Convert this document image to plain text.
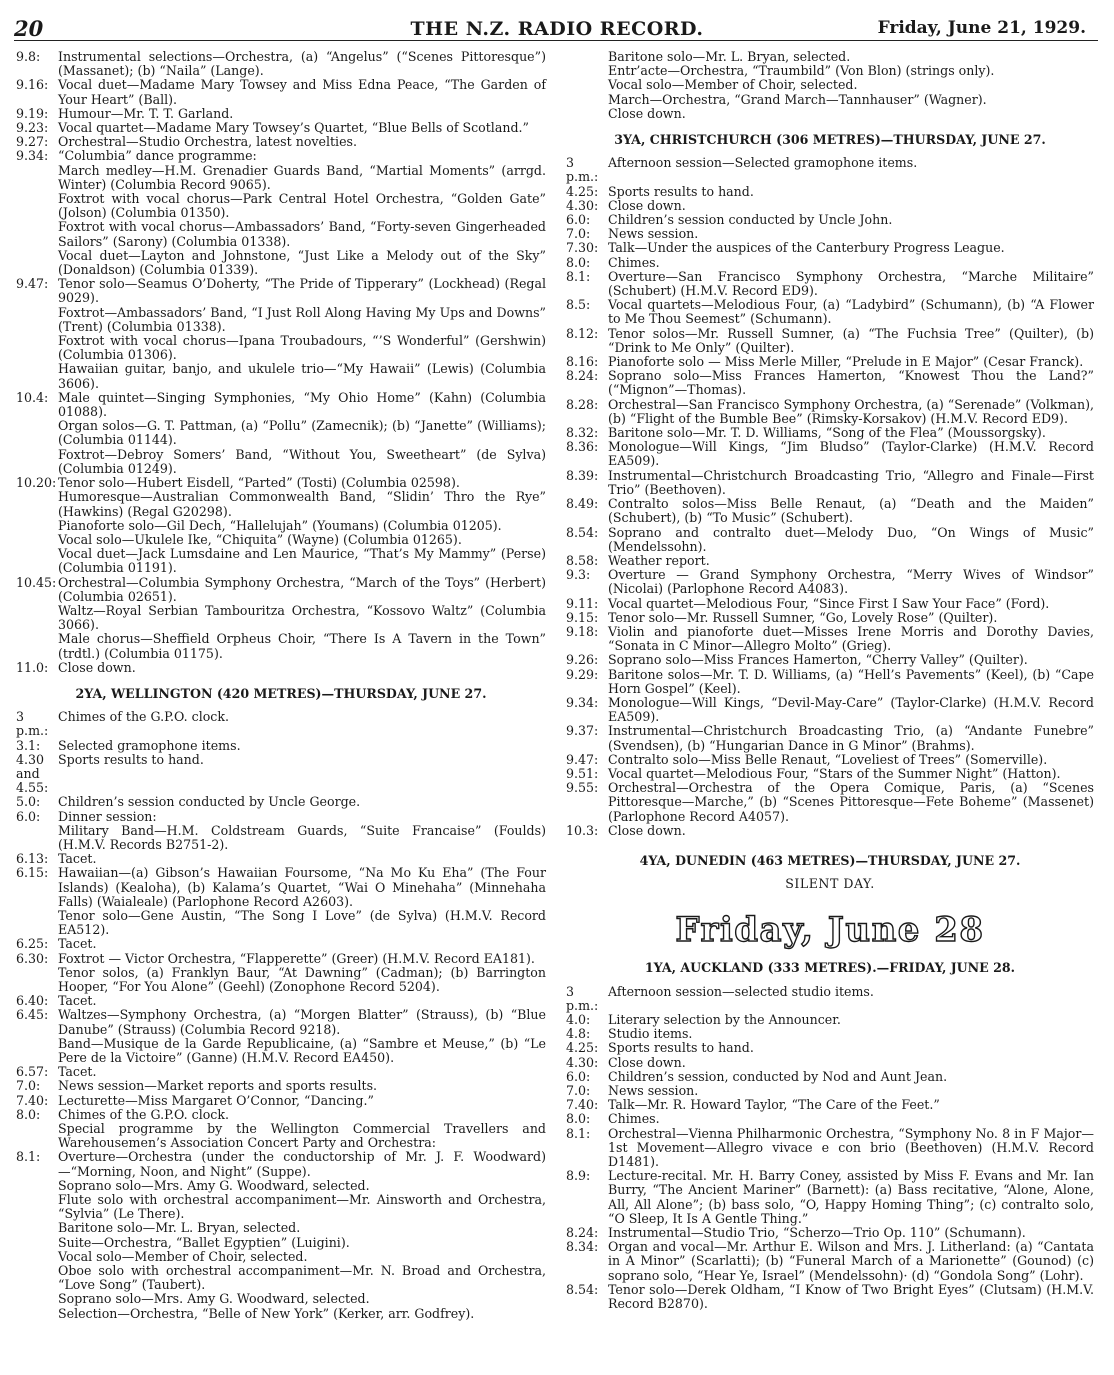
20	THE N.Z. RADIO RECORD.	Friday, June 21, 1929.
9.8:	Instrumental selections—Orchestra, (a) “Angelus” (“Scenes Pittoresque”) (Massanet); (b) “Naila” (Lange).
9.16: Vocal duet—Madame Mary Towsey and Miss Edna Peace, “The Garden of Your Heart” (Ball).
9.19: Humour—Mr. T. T. Garland.
9.23: Vocal quartet—Madame Mary Towsey’s Quartet, “Blue Bells of Scotland.”
9.27: Orchestral—Studio Orchestra, latest novelties.
9.34: “Columbia” dance programme:
March medley—H.M. Grenadier Guards Band, “Martial Moments” (arrgd. Winter) (Columbia Record 9065).
Foxtrot with vocal chorus—Park Central Hotel Orchestra, “Golden Gate” (Jolson) (Columbia 01350).
Foxtrot with vocal chorus—Ambassadors’ Band, “Forty-seven Gingerheaded Sailors” (Sarony) (Columbia 01338).
Vocal duet—Layton and Johnstone, “Just Like a Melody out of the Sky” (Donaldson) (Columbia 01339).
9.47: Tenor solo—Seamus O’Doherty, “The Pride of Tipperary” (Lockhead) (Regal 9029).
Foxtrot—Ambassadors’ Band, “I Just Roll Along Having My Ups and Downs” (Trent) (Columbia 01338).
Foxtrot with vocal chorus—Ipana Troubadours, “’S Wonderful” (Gershwin) (Columbia 01306).
Hawaiian guitar, banjo, and ukulele trio—“My Hawaii” (Lewis) (Columbia 3606).
10.4: Male quintet—Singing Symphonies, “My Ohio Home” (Kahn) (Columbia 01088).
Organ solos—G. T. Pattman, (a) “Pollu” (Zamecnik); (b) “Janette” (Williams); (Columbia 01144).
Foxtrot—Debroy Somers’ Band, “Without You, Sweetheart” (de Sylva) (Columbia 01249).
10.20: Tenor solo—Hubert Eisdell, “Parted” (Tosti) (Columbia 02598).
Humoresque—Australian Commonwealth Band, “Slidin’ Thro the Rye” (Hawkins) (Regal G20298).
Pianoforte solo—Gil Dech, “Hallelujah” (Youmans) (Columbia 01205).
Vocal solo—Ukulele Ike, “Chiquita” (Wayne) (Columbia 01265).
Vocal duet—Jack Lumsdaine and Len Maurice, “That’s My Mammy” (Perse) (Columbia 01191).
10.45: Orchestral—Columbia Symphony Orchestra, “March of the Toys” (Herbert) (Columbia 02651).
Waltz—Royal Serbian Tambouritza Orchestra, “Kossovo Waltz” (Columbia 3066).
Male chorus—Sheffield Orpheus Choir, “There Is A Tavern in the Town” (trdtl.) (Columbia 01175).
11.0: Close down.
2YA, WELLINGTON (420 METRES)—THURSDAY, JUNE 27.
3 p.m.:
Chimes of the G.P.O. clock.
3.1:	Selected gramophone items.
4.30 and 4.55:
Sports results to hand.
5.0:	Children’s session conducted by Uncle George.
6.0:	Dinner session:
Military Band—H.M. Coldstream Guards, “Suite Francaise” (Foulds) (H.M.V. Records B2751-2).
6.13: Tacet.
6.15: Hawaiian—(a) Gibson’s Hawaiian Foursome, “Na Mo Ku Eha” (The Four Islands) (Kealoha), (b) Kalama’s Quartet, “Wai O Minehaha” (Minnehaha Falls) (Waialeale) (Parlophone Record A2603).
Tenor solo—Gene Austin, “The Song I Love” (de Sylva) (H.M.V. Record EA512).
6.25: Tacet.
6.30: Foxtrot — Victor Orchestra, “Flapperette” (Greer) (H.M.V. Record EA181).
Tenor solos, (a) Franklyn Baur, “At Dawning” (Cadman); (b) Barrington Hooper, “For You Alone” (Geehl) (Zonophone Record 5204).
6.40: Tacet.
6.45: Waltzes—Symphony Orchestra, (a) “Morgen Blatter” (Strauss), (b) “Blue Danube” (Strauss) (Columbia Record 9218).
Band—Musique de la Garde Republicaine, (a) “Sambre et Meuse,” (b) “Le Pere de la Victoire” (Ganne) (H.M.V. Record EA450).
6.57: Tacet.
7.0:	News session—Market reports and sports results.
7.40: Lecturette—Miss Margaret O’Connor, “Dancing.”
8.0:	Chimes of the G.P.O. clock.
Special programme by the Wellington Commercial Travellers and Warehousemen’s Association Concert Party and Orchestra:
8.1:	Overture—Orchestra (under the conductorship of Mr. J. F. Woodward) —“Morning, Noon, and Night” (Suppe).
Soprano solo—Mrs. Amy G. Woodward, selected.
Flute solo with orchestral accompaniment—Mr. Ainsworth and Orchestra, “Sylvia” (Le There).
Baritone solo—Mr. L. Bryan, selected.
Suite—Orchestra, “Ballet Egyptien” (Luigini).
Vocal solo—Member of Choir, selected.
Oboe solo with orchestral accompaniment—Mr. N. Broad and Orchestra, “Love Song” (Taubert).
Soprano solo—Mrs. Amy G. Woodward, selected.
Selection—Orchestra, “Belle of New York” (Kerker, arr. Godfrey).
Baritone solo—Mr. L. Bryan, selected.
Entr’acte—Orchestra, “Traumbild” (Von Blon) (strings only).
Vocal solo—Member of Choir, selected.
March—Orchestra, “Grand March—Tannhauser” (Wagner).
Close down.
3YA, CHRISTCHURCH (306 METRES)—THURSDAY, JUNE 27.
3 p.m.:
Afternoon session—Selected gramophone items.
4.25: Sports results to hand.
4.30: Close down.
6.0:	Children’s session conducted by Uncle John.
7.0:	News session.
7.30: Talk—Under the auspices of the Canterbury Progress League.
8.0:	Chimes.
8.1:	Overture—San Francisco Symphony Orchestra, “Marche Militaire” (Schubert) (H.M.V. Record ED9).
8.5:	Vocal quartets—Melodious Four, (a) “Ladybird” (Schumann), (b) “A Flower to Me Thou Seemest” (Schumann).
8.12: Tenor solos—Mr. Russell Sumner, (a) “The Fuchsia Tree” (Quilter), (b) “Drink to Me Only” (Quilter).
8.16: Pianoforte solo — Miss Merle Miller, “Prelude in E Major” (Cesar Franck).
8.24: Soprano solo—Miss Frances Hamerton, “Knowest Thou the Land?” (“Mignon”—Thomas).
8.28: Orchestral—San Francisco Symphony Orchestra, (a) “Serenade” (Volkman), (b) “Flight of the Bumble Bee” (Rimsky-Korsakov) (H.M.V. Record ED9).
8.32: Baritone solo—Mr. T. D. Williams, “Song of the Flea” (Moussorgsky).
8.36: Monologue—Will Kings, “Jim Bludso” (Taylor-Clarke) (H.M.V. Record EA509).
8.39: Instrumental—Christchurch Broadcasting Trio, “Allegro and Finale—First Trio” (Beethoven).
8.49: Contralto solos—Miss Belle Renaut, (a) “Death and the Maiden” (Schubert), (b) “To Music” (Schubert).
8.54: Soprano and contralto duet—Melody Duo, “On Wings of Music” (Mendelssohn).
8.58: Weather report.
9.3:	Overture — Grand Symphony Orchestra, “Merry Wives of Windsor” (Nicolai) (Parlophone Record A4083).
9.11: Vocal quartet—Melodious Four, “Since First I Saw Your Face” (Ford).
9.15: Tenor solo—Mr. Russell Sumner, “Go, Lovely Rose” (Quilter).
9.18: Violin and pianoforte duet—Misses Irene Morris and Dorothy Davies, “Sonata in C Minor—Allegro Molto” (Grieg).
9.26: Soprano solo—Miss Frances Hamerton, “Cherry Valley” (Quilter).
9.29: Baritone solos—Mr. T. D. Williams, (a) “Hell’s Pavements” (Keel), (b) “Cape Horn Gospel” (Keel).
9.34: Monologue—Will Kings, “Devil-May-Care” (Taylor-Clarke) (H.M.V. Record EA509).
9.37: Instrumental—Christchurch Broadcasting Trio, (a) “Andante Funebre” (Svendsen), (b) “Hungarian Dance in G Minor” (Brahms).
9.47: Contralto solo—Miss Belle Renaut, “Loveliest of Trees” (Somerville).
9.51: Vocal quartet—Melodious Four, “Stars of the Summer Night” (Hatton).
9.55: Orchestral—Orchestra of the Opera Comique, Paris, (a) “Scenes Pittoresque—Marche,” (b) “Scenes Pittoresque—Fete Boheme” (Massenet) (Parlophone Record A4057).
10.3: Close down.
4YA, DUNEDIN (463 METRES)—THURSDAY, JUNE 27.
SILENT DAY.
Friday, June 28
1YA, AUCKLAND (333 METRES).—FRIDAY, JUNE 28.
3 p.m.:
Afternoon session—selected studio items.
4.0:	Literary selection by the Announcer.
4.8:	Studio items.
4.25: Sports results to hand.
4.30: Close down.
6.0:	Children’s session, conducted by Nod and Aunt Jean.
7.0:	News session.
7.40: Talk—Mr. R. Howard Taylor, “The Care of the Feet.”
8.0:	Chimes.
8.1:	Orchestral—Vienna Philharmonic Orchestra, “Symphony No. 8 in F Major—1st Movement—Allegro vivace e con brio (Beethoven) (H.M.V. Record D1481).
8.9:	Lecture-recital. Mr. H. Barry Coney, assisted by Miss F. Evans and Mr. Ian Burry, “The Ancient Mariner” (Barnett): (a) Bass recitative, “Alone, Alone, All, All Alone”; (b) bass solo, “O, Happy Homing Thing”; (c) contralto solo, “O Sleep, It Is A Gentle Thing.”
8.24: Instrumental—Studio Trio, “Scherzo—Trio Op. 110” (Schumann).
8.34: Organ and vocal—Mr. Arthur E. Wilson and Mrs. J. Litherland: (a) “Cantata in A Minor” (Scarlatti); (b) “Funeral March of a Marionette” (Gounod) (c) soprano solo, “Hear Ye, Israel” (Mendelssohn)· (d) “Gondola Song” (Lohr).
8.54: Tenor solo—Derek Oldham, “I Know of Two Bright Eyes” (Clutsam) (H.M.V. Record B2870).
